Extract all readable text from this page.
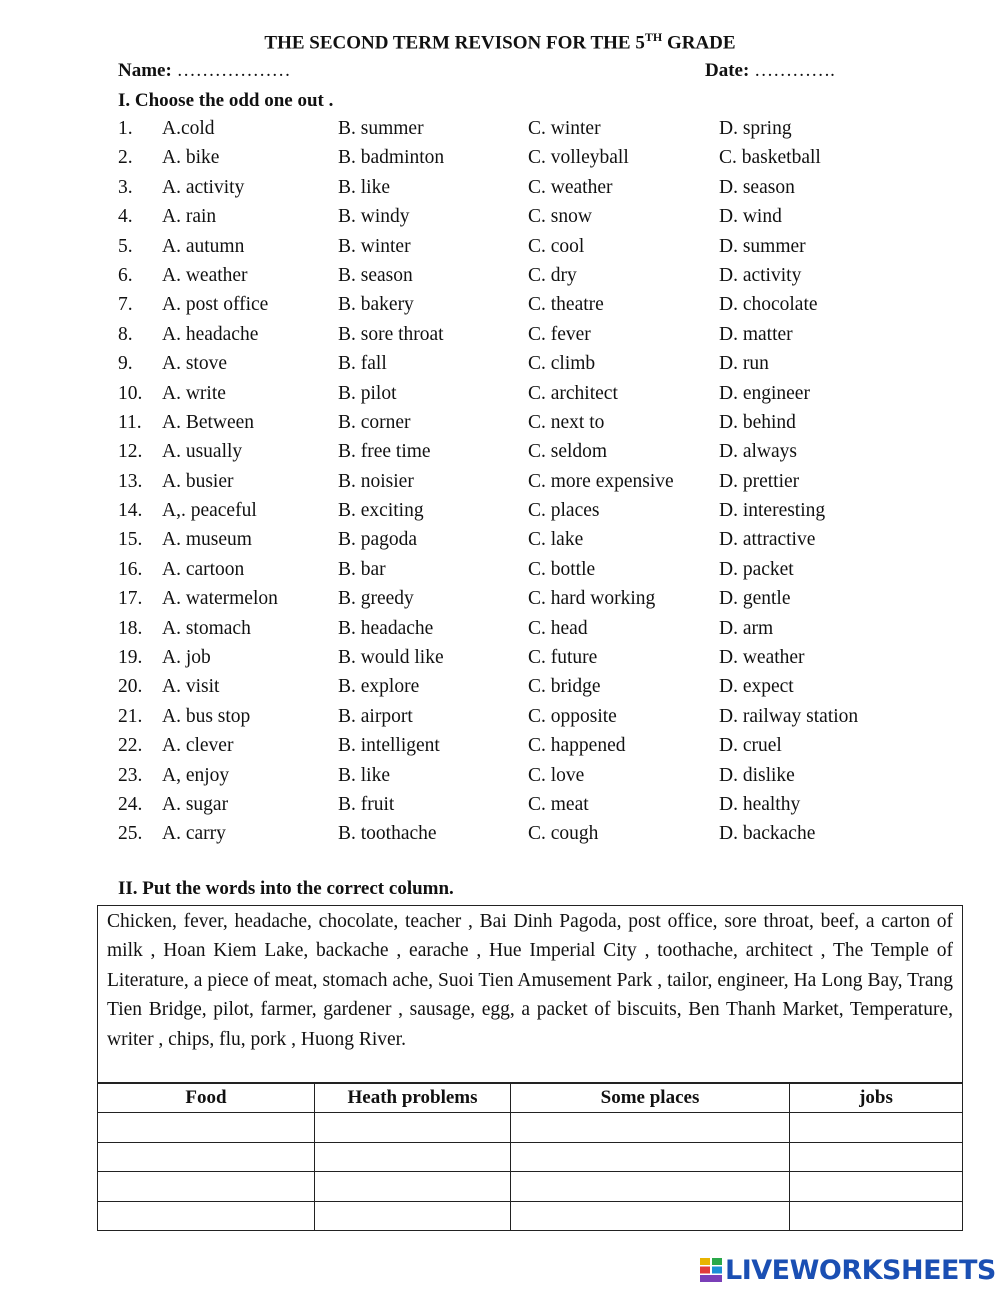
THE SECOND TERM REVISON FOR THE 5TH GRADE
Name: ………………	Date: ………….
I. Choose the odd one out .
1. A.cold	B. summer	C. winter	D. spring
2. A. bike	B. badminton	C. volleyball	C. basketball
3. A. activity	B. like	C. weather	D. season
4. A. rain	B. windy	C. snow	D. wind
5. A. autumn	B. winter	C. cool	D. summer
6. A. weather	B. season	C. dry	D. activity
7. A. post office	B. bakery	C. theatre	D. chocolate
8. A. headache	B. sore throat	C. fever	D. matter
9. A. stove	B. fall	C. climb	D. run
10. A. write	B. pilot	C. architect	D. engineer
11. A. Between	B. corner	C. next to	D. behind
12. A. usually	B. free time	C. seldom	D. always
13. A. busier	B. noisier	C. more expensive D. prettier
14. A,. peaceful	B. exciting	C. places	D. interesting
15. A. museum	B. pagoda	C. lake	D. attractive
16. A. cartoon	B. bar	C. bottle	D. packet
17. A. watermelon	B. greedy	C. hard working	D. gentle
18. A. stomach	B. headache	C. head	D. arm
19. A. job	B. would like	C. future	D. weather
20. A. visit	B. explore	C. bridge	D. expect
21. A. bus stop	B. airport	C. opposite	D. railway station
22. A. clever	B. intelligent	C. happened	D. cruel
23. A, enjoy	B. like	C. love	D. dislike
24. A. sugar	B. fruit	C. meat	D. healthy
25. A. carry	B. toothache	C. cough	D. backache
II. Put the words into the correct column.
Chicken, fever, headache, chocolate, teacher , Bai Dinh Pagoda, post office, sore throat, beef, a carton of milk , Hoan Kiem Lake, backache , earache , Hue Imperial City , toothache, architect , The Temple of Literature, a piece of meat, stomach ache, Suoi Tien Amusement Park , tailor, engineer, Ha Long Bay, Trang Tien Bridge, pilot, farmer, gardener , sausage, egg, a packet of biscuits, Ben Thanh Market, Temperature, writer , chips, flu, pork , Huong River.
Food	Heath problems	Some places	jobs

LIVEWORKSHEETS
